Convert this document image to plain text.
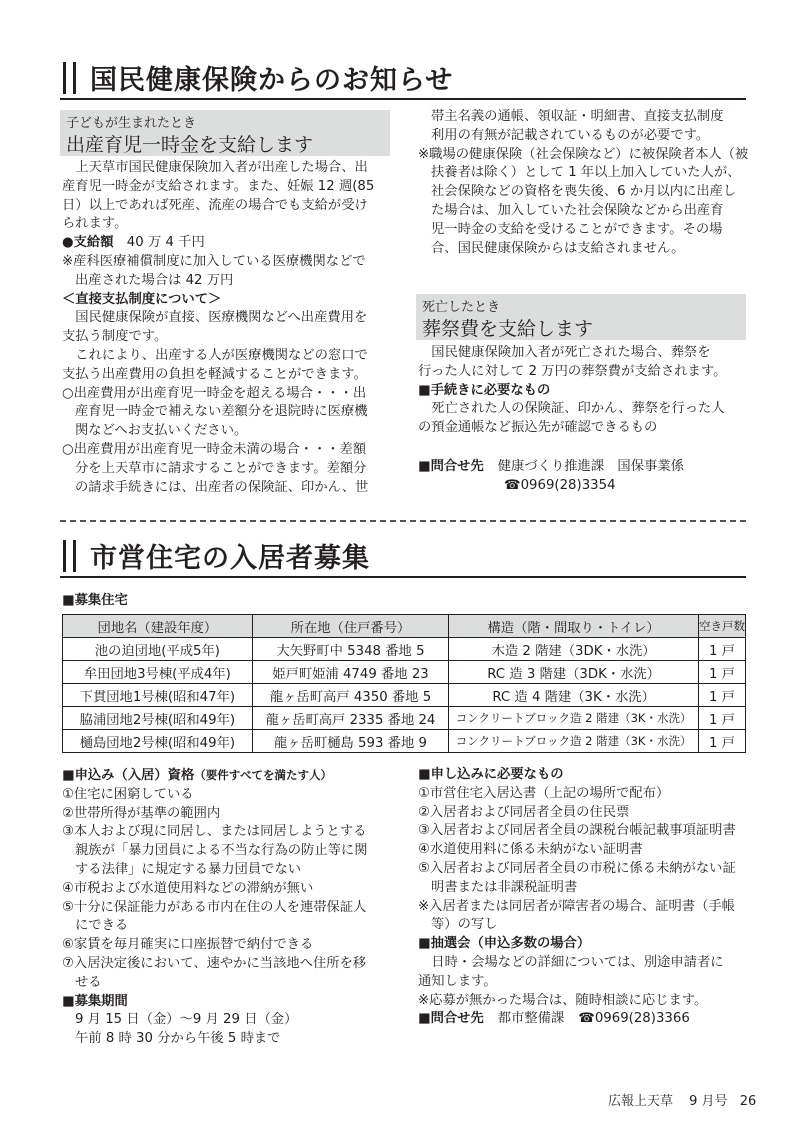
国民健康保険からのお知らせ
子どもが生まれたとき
出産育児一時金を支給します
　上天草市国民健康保険加入者が出産した場合、出
産育児一時金が支給されます。また、妊娠 12 週(85
日）以上であれば死産、流産の場合でも支給が受け
られます。
●支給額　40 万 4 千円
※産科医療補償制度に加入している医療機関などで
出産された場合は 42 万円
＜直接支払制度について＞
　国民健康保険が直接、医療機関などへ出産費用を
支払う制度です。
　これにより、出産する人が医療機関などの窓口で
支払う出産費用の負担を軽減することができます。
○出産費用が出産育児一時金を超える場合・・・出
産育児一時金で補えない差額分を退院時に医療機
関などへお支払いください。
○出産費用が出産育児一時金未満の場合・・・差額
分を上天草市に請求することができます。差額分
の請求手続きには、出産者の保険証、印かん、世
帯主名義の通帳、領収証・明細書、直接支払制度
利用の有無が記載されているものが必要です。
※職場の健康保険（社会保険など）に被保険者本人（被
扶養者は除く）として 1 年以上加入していた人が、
社会保険などの資格を喪失後、6 か月以内に出産し
た場合は、加入していた社会保険などから出産育
児一時金の支給を受けることができます。その場
合、国民健康保険からは支給されません。
死亡したとき
葬祭費を支給します
　国民健康保険加入者が死亡された場合、葬祭を
行った人に対して 2 万円の葬祭費が支給されます。
■手続きに必要なもの
　死亡された人の保険証、印かん、葬祭を行った人
の預金通帳など振込先が確認できるもの
■問合せ先 健康づくり推進課　国保事業係
☎0969(28)3354
市営住宅の入居者募集
■募集住宅
団地名（建設年度）	所在地（住戸番号）	構造（階・間取り・トイレ）	空き戸数
池の迫団地(平成5年)	大矢野町中 5348 番地 5	木造 2 階建（3DK・水洗）	1 戸
牟田団地3号棟(平成4年)	姫戸町姫浦 4749 番地 23	RC 造 3 階建（3DK・水洗）	1 戸
下貫団地1号棟(昭和47年)	龍ヶ岳町高戸 4350 番地 5	RC 造 4 階建（3K・水洗）	1 戸
脇浦団地2号棟(昭和49年)	龍ヶ岳町高戸 2335 番地 24	コンクリートブロック造 2 階建（3K・水洗）	1 戸
樋島団地2号棟(昭和49年)	龍ヶ岳町樋島 593 番地 9	コンクリートブロック造 2 階建（3K・水洗）	1 戸
■申込み（入居）資格（要件すべてを満たす人）
①住宅に困窮している
②世帯所得が基準の範囲内
③本人および現に同居し、または同居しようとする
親族が「暴力団員による不当な行為の防止等に関
する法律」に規定する暴力団員でない
④市税および水道使用料などの滞納が無い
⑤十分に保証能力がある市内在住の人を連帯保証人
にできる
⑥家賃を毎月確実に口座振替で納付できる
⑦入居決定後において、速やかに当該地へ住所を移
せる
■募集期間
9 月 15 日（金）～9 月 29 日（金）
午前 8 時 30 分から午後 5 時まで
■申し込みに必要なもの
①市営住宅入居込書（上記の場所で配布）
②入居者および同居者全員の住民票
③入居者および同居者全員の課税台帳記載事項証明書
④水道使用料に係る未納がない証明書
⑤入居者および同居者全員の市税に係る未納がない証
明書または非課税証明書
※入居者または同居者が障害者の場合、証明書（手帳
等）の写し
■抽選会（申込多数の場合）
　日時・会場などの詳細については、別途申請者に
通知します。
※応募が無かった場合は、随時相談に応じます。
■問合せ先 都市整備課 ☎0969(28)3366
広報上天草 9 月号 26
